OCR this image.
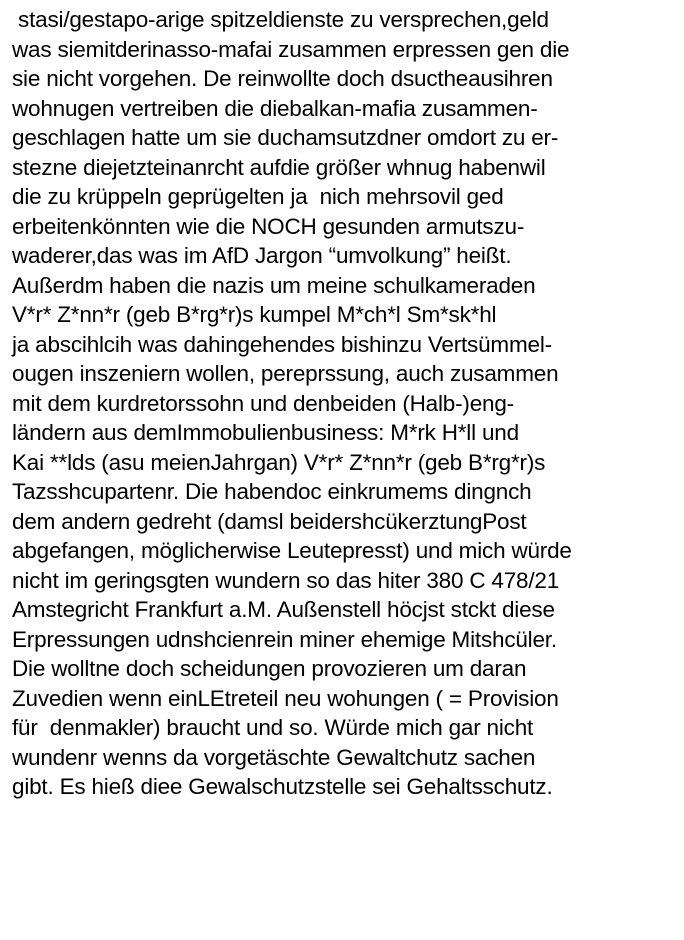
stasi/gestapo-arige spitzeldienste zu versprechen,geld
was siemitderinasso-mafai zusammen erpressen gen die
sie nicht vorgehen. De reinwollte doch dsuctheausihren
wohnugen vertreiben die diebalkan-mafia zusammen-
geschlagen hatte um sie duchamsutzdner omdort zu er-
stezne diejetzteinanrcht aufdie größer whnug habenwil
die zu krüppeln geprügelten ja  nich mehrsovil ged
erbeitenkönnten wie die NOCH gesunden armutszu-
waderer,das was im AfD Jargon “umvolkung” heißt.
Außerdm haben die nazis um meine schulkameraden
V*r* Z*nn*r (geb B*rg*r)s kumpel M*ch*l Sm*sk*hl
ja abscihlcih was dahingehendes bishinzu Vertsümmel-
ougen inszeniern wollen, pereprssung, auch zusammen
mit dem kurdretorssohn und denbeiden (Halb-)eng-
ländern aus demImmobulienbusiness: M*rk H*ll und
Kai **lds (asu meienJahrgan) V*r* Z*nn*r (geb B*rg*r)s
Tazsshcupartenr. Die habendoc einkrumems dingnch
dem andern gedreht (damsl beidershcükerztungPost
abgefangen, möglicherwise Leutepresst) und mich würde
nicht im geringsgten wundern so das hiter 380 C 478/21
Amstegricht Frankfurt a.M. Außenstell höcjst stckt diese
Erpressungen udnshcienrein miner ehemige Mitshcüler.
Die wolltne doch scheidungen provozieren um daran
Zuvedien wenn einLEtreteil neu wohungen ( = Provision
für  denmakler) braucht und so. Würde mich gar nicht
wundenr wenns da vorgetäschte Gewaltchutz sachen
gibt. Es hieß diee Gewalschutzstelle sei Gehaltsschutz.
